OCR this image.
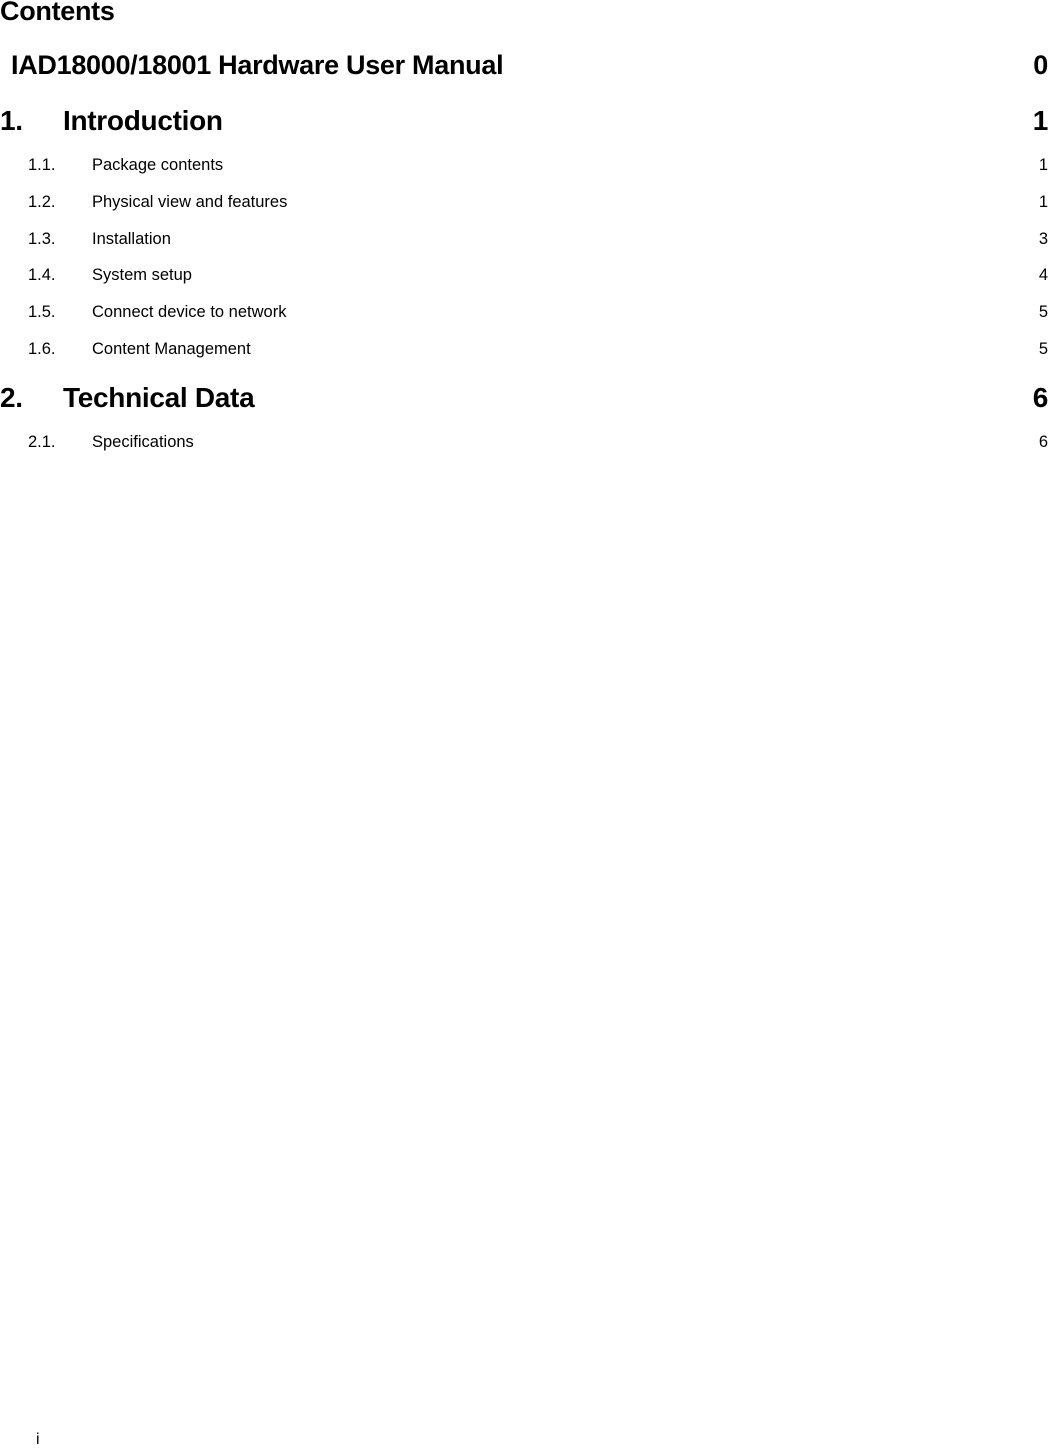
Contents
IAD18000/18001 Hardware User Manual	0
1. Introduction	1
1.1. Package contents	1
1.2. Physical view and features	1
1.3. Installation	3
1.4. System setup	4
1.5. Connect device to network	5
1.6. Content Management	5
2. Technical Data	6
2.1. Specifications	6
i
